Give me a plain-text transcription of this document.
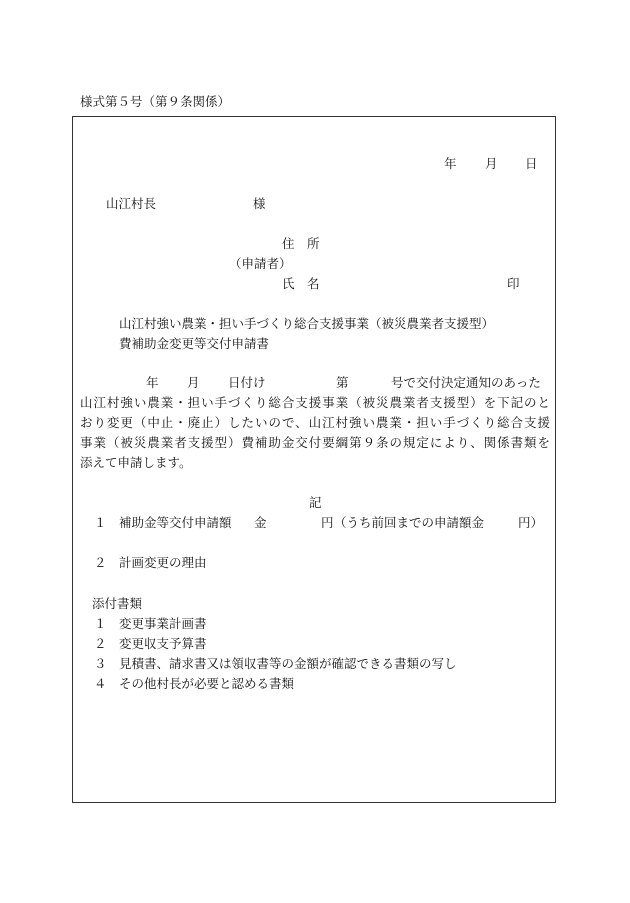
様式第５号（第９条関係）
年 月 日
山江村長	様
住　所
（申請者）
氏　名	印
山江村強い農業・担い手づくり総合支援事業（被災農業者支援型）
費補助金変更等交付申請書
年 月 日付け	第	号で交付決定通知のあった
山江村強い農業・担い手づくり総合支援事業（被災農業者支援型）を下記のと
おり変更（中止・廃止）したいので、山江村強い農業・担い手づくり総合支援
事業（被災農業者支援型）費補助金交付要綱第９条の規定により、関係書類を
添えて申請します。
記
１ 補助金等交付申請額 金	円 （うち前回までの申請額金	円）
２ 計画変更の理由
添付書類
１ 変更事業計画書
２ 変更収支予算書
３ 見積書、請求書又は領収書等の金額が確認できる書類の写し
４ その他村長が必要と認める書類
